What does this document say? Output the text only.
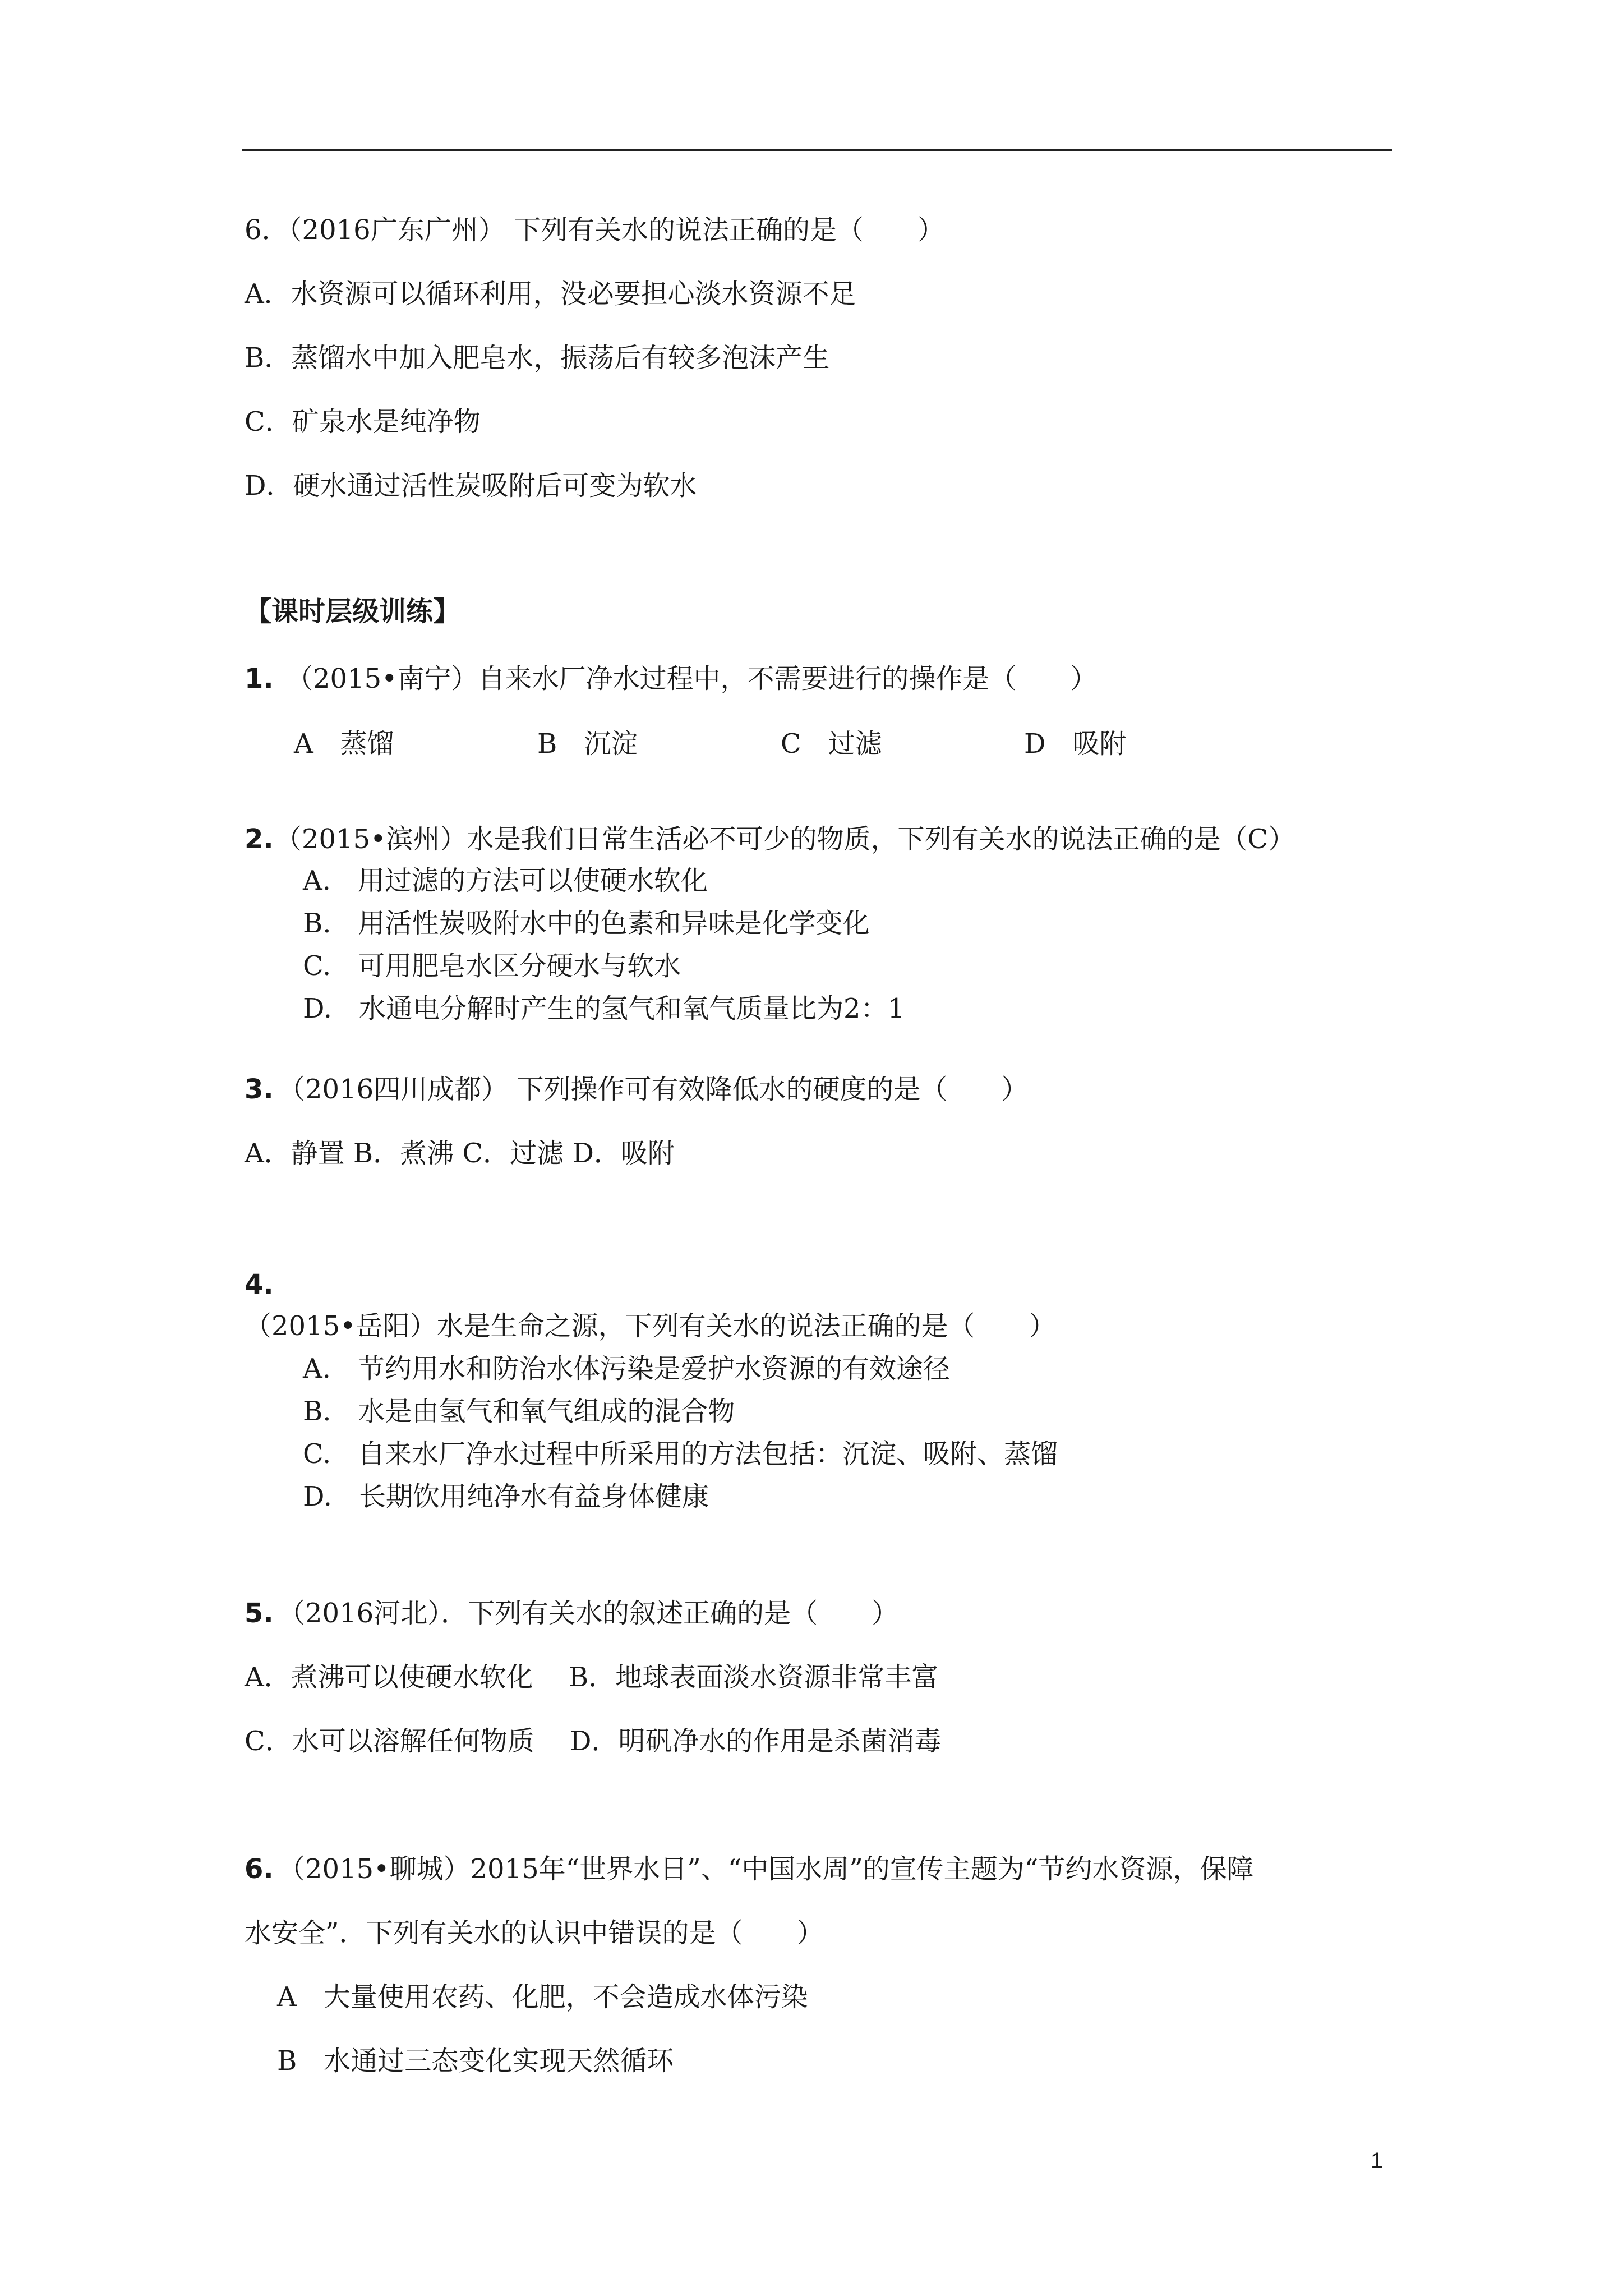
6．（2016广东广州） 下列有关水的说法正确的是（　　）
A．水资源可以循环利用，没必要担心淡水资源不足
B．蒸馏水中加入肥皂水，振荡后有较多泡沫产生
C．矿泉水是纯净物
D．硬水通过活性炭吸附后可变为软水
【课时层级训练】
1. （2015•南宁）自来水厂净水过程中，不需要进行的操作是（　　）
A　蒸馏	B　沉淀	C　过滤	D　吸附
2. （2015•滨州）水是我们日常生活必不可少的物质，下列有关水的说法正确的是（C）
A.　用过滤的方法可以使硬水软化
B.　用活性炭吸附水中的色素和异味是化学变化
C.　可用肥皂水区分硬水与软水
D.　水通电分解时产生的氢气和氧气质量比为2：1
3. （2016四川成都） 下列操作可有效降低水的硬度的是（　　）
A．静置 B．煮沸 C．过滤 D．吸附
4.
（2015•岳阳）水是生命之源，下列有关水的说法正确的是（　　）
A.　节约用水和防治水体污染是爱护水资源的有效途径
B.　水是由氢气和氧气组成的混合物
C.　自来水厂净水过程中所采用的方法包括：沉淀、吸附、蒸馏
D.　长期饮用纯净水有益身体健康
5. （2016河北）．下列有关水的叙述正确的是（　　）
A．煮沸可以使硬水软化　 B．地球表面淡水资源非常丰富
C．水可以溶解任何物质　 D．明矾净水的作用是杀菌消毒
6. （2015•聊城）2015年“世界水日”、“中国水周”的宣传主题为“节约水资源，保障
水安全”．下列有关水的认识中错误的是（　　）
A　大量使用农药、化肥，不会造成水体污染
B　水通过三态变化实现天然循环
1
